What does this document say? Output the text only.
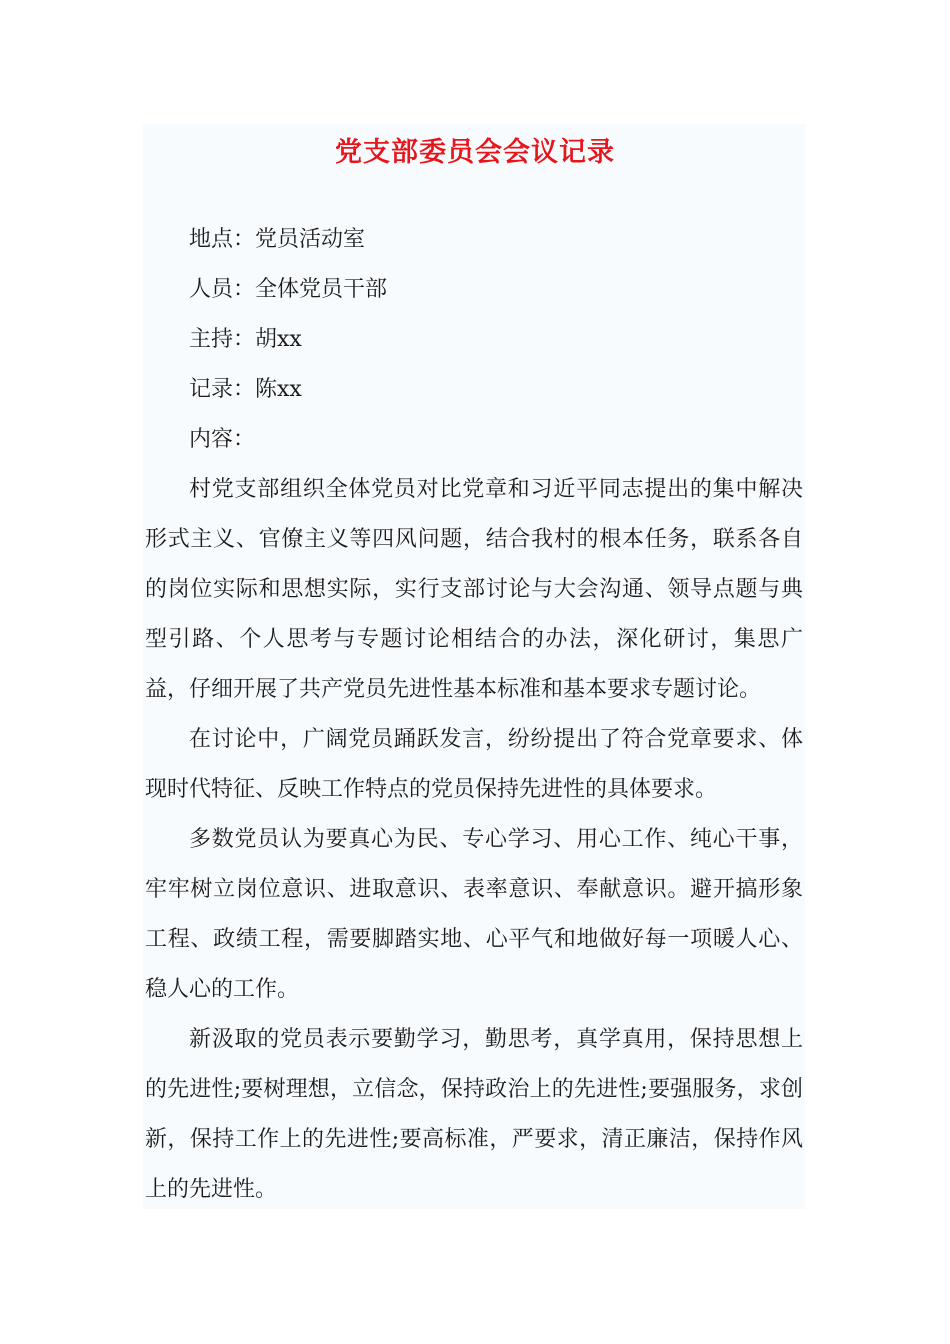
党支部委员会会议记录

地点：党员活动室

人员：全体党员干部

主持：胡xx

记录：陈xx

内容：

村党支部组织全体党员对比党章和习近平同志提出的集中解决形式主义、官僚主义等四风问题，结合我村的根本任务，联系各自的岗位实际和思想实际，实行支部讨论与大会沟通、领导点题与典型引路、个人思考与专题讨论相结合的办法，深化研讨，集思广益，仔细开展了共产党员先进性基本标准和基本要求专题讨论。

在讨论中，广阔党员踊跃发言，纷纷提出了符合党章要求、体现时代特征、反映工作特点的党员保持先进性的具体要求。

多数党员认为要真心为民、专心学习、用心工作、纯心干事，牢牢树立岗位意识、进取意识、表率意识、奉献意识。避开搞形象工程、政绩工程，需要脚踏实地、心平气和地做好每一项暖人心、稳人心的工作。

新汲取的党员表示要勤学习，勤思考，真学真用，保持思想上的先进性;要树理想，立信念，保持政治上的先进性;要强服务，求创新，保持工作上的先进性;要高标准，严要求，清正廉洁，保持作风上的先进性。
